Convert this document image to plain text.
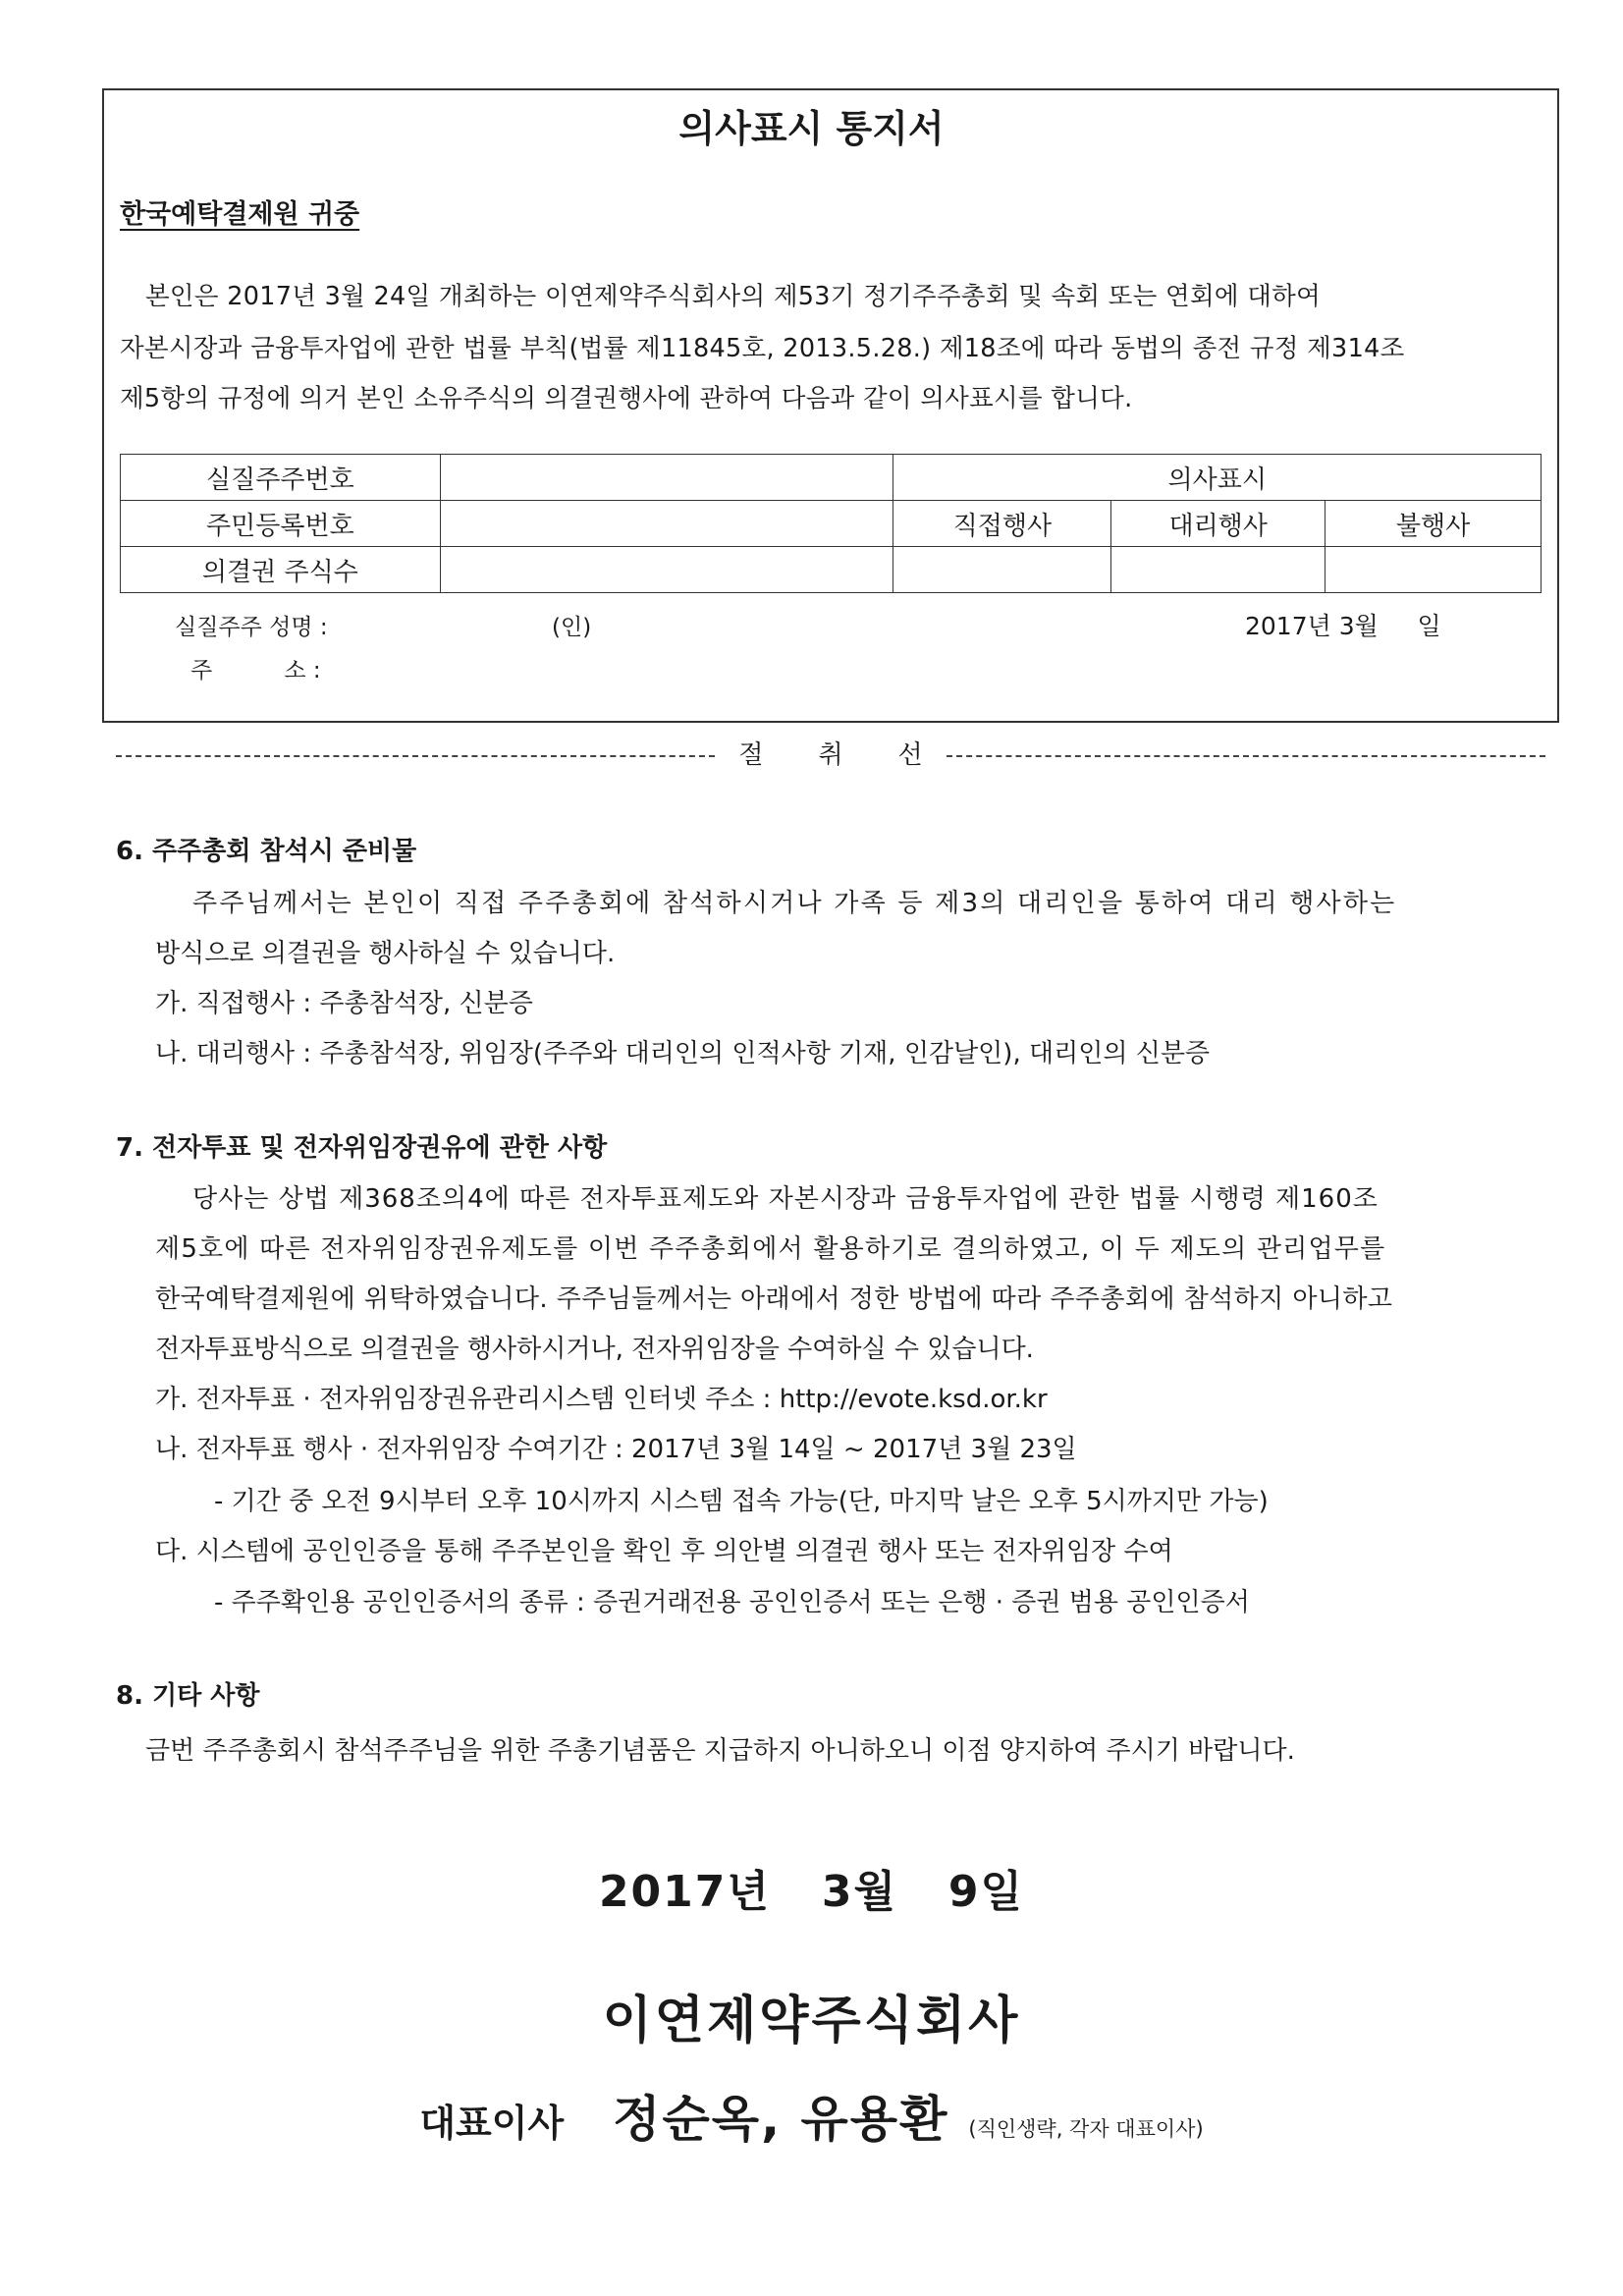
의사표시 통지서
한국예탁결제원 귀중
본인은 2017년 3월 24일 개최하는 이연제약주식회사의 제53기 정기주주총회 및 속회 또는 연회에 대하여
자본시장과 금융투자업에 관한 법률 부칙(법률 제11845호, 2013.5.28.) 제18조에 따라 동법의 종전 규정 제314조
제5항의 규정에 의거 본인 소유주식의 의결권행사에 관하여 다음과 같이 의사표시를 합니다.
실질주주번호		의사표시		
주민등록번호		직접행사	대리행사	불행사
의결권 주식수				
실질주주 성명 :	(인)	2017년 3월     일
주          소 :
절취선
6. 주주총회 참석시 준비물
주주님께서는 본인이 직접 주주총회에 참석하시거나 가족 등 제3의 대리인을 통하여 대리 행사하는
방식으로 의결권을 행사하실 수 있습니다.
가. 직접행사 : 주총참석장, 신분증
나. 대리행사 : 주총참석장, 위임장(주주와 대리인의 인적사항 기재, 인감날인), 대리인의 신분증
7. 전자투표 및 전자위임장권유에 관한 사항
당사는 상법 제368조의4에 따른 전자투표제도와 자본시장과 금융투자업에 관한 법률 시행령 제160조
제5호에 따른 전자위임장권유제도를 이번 주주총회에서 활용하기로 결의하였고, 이 두 제도의 관리업무를
한국예탁결제원에 위탁하였습니다. 주주님들께서는 아래에서 정한 방법에 따라 주주총회에 참석하지 아니하고
전자투표방식으로 의결권을 행사하시거나, 전자위임장을 수여하실 수 있습니다.
가. 전자투표 · 전자위임장권유관리시스템 인터넷 주소 : http://evote.ksd.or.kr
나. 전자투표 행사 · 전자위임장 수여기간 : 2017년 3월 14일 ~ 2017년 3월 23일
- 기간 중 오전 9시부터 오후 10시까지 시스템 접속 가능(단, 마지막 날은 오후 5시까지만 가능)
다. 시스템에 공인인증을 통해 주주본인을 확인 후 의안별 의결권 행사 또는 전자위임장 수여
- 주주확인용 공인인증서의 종류 : 증권거래전용 공인인증서 또는 은행 · 증권 범용 공인인증서
8. 기타 사항
금번 주주총회시 참석주주님을 위한 주총기념품은 지급하지 아니하오니 이점 양지하여 주시기 바랍니다.
2017년   3월   9일
이연제약주식회사
대표이사 정순옥, 유용환 (직인생략, 각자 대표이사)
